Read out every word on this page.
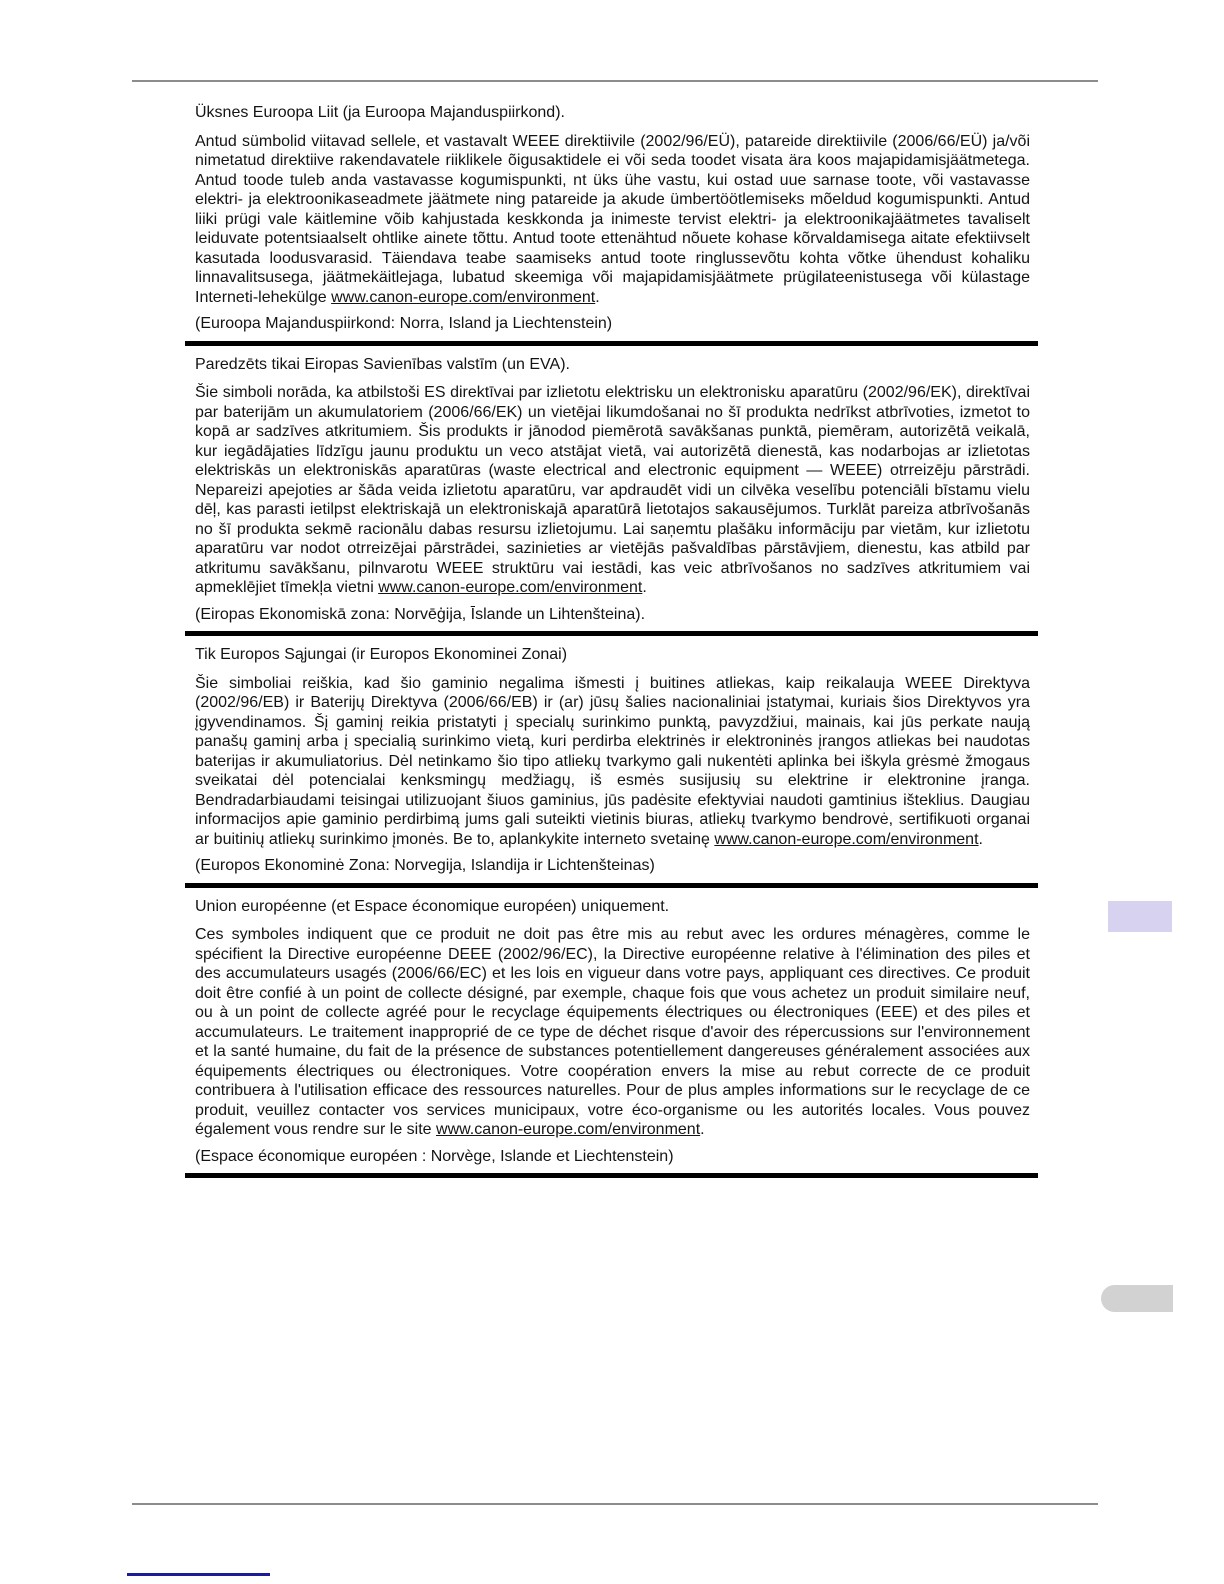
Üksnes Euroopa Liit (ja Euroopa Majanduspiirkond).

Antud sümbolid viitavad sellele, et vastavalt WEEE direktiivile (2002/96/EÜ), patareide direktiivile (2006/66/EÜ) ja/või nimetatud direktiive rakendavatele riiklikele õigusaktidele ei või seda toodet visata ära koos majapidamisjäätmetega. Antud toode tuleb anda vastavasse kogumispunkti, nt üks ühe vastu, kui ostad uue sarnase toote, või vastavasse elektri- ja elektroonikaseadmete jäätmete ning patareide ja akude ümbertöötlemiseks mõeldud kogumispunkti. Antud liiki prügi vale käitlemine võib kahjustada keskkonda ja inimeste tervist elektri- ja elektroonikajäätmetes tavaliselt leiduvate potentsiaalselt ohtlike ainete tõttu. Antud toote ettenähtud nõuete kohase kõrvaldamisega aitate efektiivselt kasutada loodusvarasid. Täiendava teabe saamiseks antud toote ringlussevõtu kohta võtke ühendust kohaliku linnavalitsusega, jäätmekäitlejaga, lubatud skeemiga või majapidamisjäätmete prügilateenistusega või külastage Interneti-lehekülge www.canon-europe.com/environment.

(Euroopa Majanduspiirkond: Norra, Island ja Liechtenstein)

Paredzēts tikai Eiropas Savienības valstīm (un EVA).

Šie simboli norāda, ka atbilstoši ES direktīvai par izlietotu elektrisku un elektronisku aparatūru (2002/96/EK), direktīvai par baterijām un akumulatoriem (2006/66/EK) un vietējai likumdošanai no šī produkta nedrīkst atbrīvoties, izmetot to kopā ar sadzīves atkritumiem. Šis produkts ir jānodod piemērotā savākšanas punktā, piemēram, autorizētā veikalā, kur iegādājaties līdzīgu jaunu produktu un veco atstājat vietā, vai autorizētā dienestā, kas nodarbojas ar izlietotas elektriskās un elektroniskās aparatūras (waste electrical and electronic equipment — WEEE) otrreizēju pārstrādi. Nepareizi apejoties ar šāda veida izlietotu aparatūru, var apdraudēt vidi un cilvēka veselību potenciāli bīstamu vielu dēļ, kas parasti ietilpst elektriskajā un elektroniskajā aparatūrā lietotajos sakausējumos. Turklāt pareiza atbrīvošanās no šī produkta sekmē racionālu dabas resursu izlietojumu. Lai saņemtu plašāku informāciju par vietām, kur izlietotu aparatūru var nodot otrreizējai pārstrādei, sazinieties ar vietējās pašvaldības pārstāvjiem, dienestu, kas atbild par atkritumu savākšanu, pilnvarotu WEEE struktūru vai iestādi, kas veic atbrīvošanos no sadzīves atkritumiem vai apmeklējiet tīmekļa vietni www.canon-europe.com/environment.

(Eiropas Ekonomiskā zona: Norvēģija, Īslande un Lihtenšteina).

Tik Europos Sąjungai (ir Europos Ekonominei Zonai)

Šie simboliai reiškia, kad šio gaminio negalima išmesti į buitines atliekas, kaip reikalauja WEEE Direktyva (2002/96/EB) ir Baterijų Direktyva (2006/66/EB) ir (ar) jūsų šalies nacionaliniai įstatymai, kuriais šios Direktyvos yra įgyvendinamos. Šį gaminį reikia pristatyti į specialų surinkimo punktą, pavyzdžiui, mainais, kai jūs perkate naują panašų gaminį arba į specialią surinkimo vietą, kuri perdirba elektrinės ir elektroninės įrangos atliekas bei naudotas baterijas ir akumuliatorius. Dėl netinkamo šio tipo atliekų tvarkymo gali nukentėti aplinka bei iškyla grėsmė žmogaus sveikatai dėl potencialai kenksmingų medžiagų, iš esmės susijusių su elektrine ir elektronine įranga. Bendradarbiaudami teisingai utilizuojant šiuos gaminius, jūs padėsite efektyviai naudoti gamtinius išteklius. Daugiau informacijos apie gaminio perdirbimą jums gali suteikti vietinis biuras, atliekų tvarkymo bendrovė, sertifikuoti organai ar buitinių atliekų surinkimo įmonės. Be to, aplankykite interneto svetainę www.canon-europe.com/environment.

(Europos Ekonominė Zona: Norvegija, Islandija ir Lichtenšteinas)

Union européenne (et Espace économique européen) uniquement.

Ces symboles indiquent que ce produit ne doit pas être mis au rebut avec les ordures ménagères, comme le spécifient la Directive européenne DEEE (2002/96/EC), la Directive européenne relative à l'élimination des piles et des accumulateurs usagés (2006/66/EC) et les lois en vigueur dans votre pays, appliquant ces directives. Ce produit doit être confié à un point de collecte désigné, par exemple, chaque fois que vous achetez un produit similaire neuf, ou à un point de collecte agréé pour le recyclage équipements électriques ou électroniques (EEE) et des piles et accumulateurs. Le traitement inapproprié de ce type de déchet risque d'avoir des répercussions sur l'environnement et la santé humaine, du fait de la présence de substances potentiellement dangereuses généralement associées aux équipements électriques ou électroniques. Votre coopération envers la mise au rebut correcte de ce produit contribuera à l'utilisation efficace des ressources naturelles. Pour de plus amples informations sur le recyclage de ce produit, veuillez contacter vos services municipaux, votre éco-organisme ou les autorités locales. Vous pouvez également vous rendre sur le site www.canon-europe.com/environment.

(Espace économique européen : Norvège, Islande et Liechtenstein)
